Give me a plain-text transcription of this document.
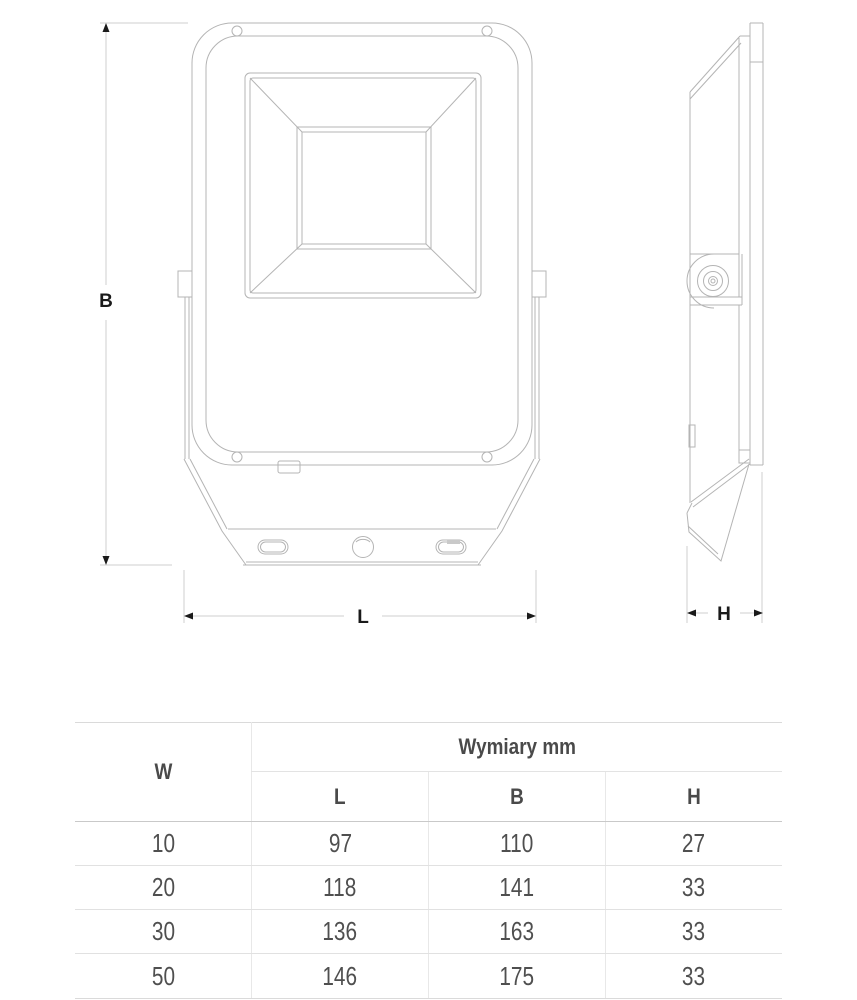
B
L	H
W	Wymiary mm		
	L	B	H
10	97	110	27
20	118	141	33
30	136	163	33
50	146	175	33
